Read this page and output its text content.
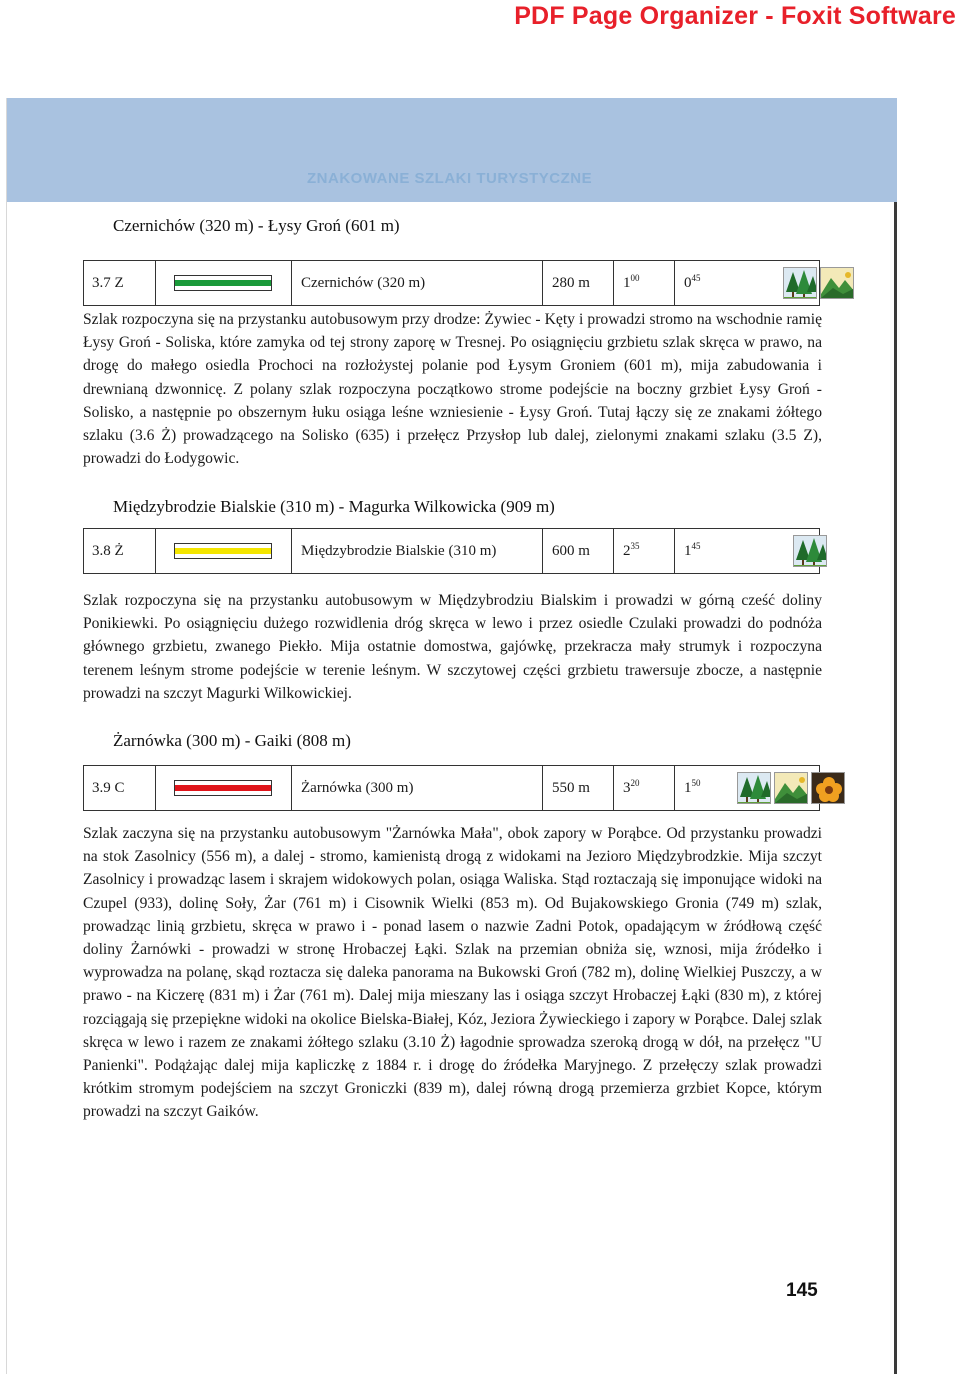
PDF Page Organizer - Foxit Software
ZNAKOWANE SZLAKI TURYSTYCZNE
Czernichów (320 m) - Łysy Groń (601 m)
3.7 Z	Czernichów (320 m)	280 m	$1^{00}$	$0^{45}$

Szlak rozpoczyna się na przystanku autobusowym przy drodze: Żywiec - Kęty i prowadzi stromo na wschodnie ramię Łysy Groń - Soliska, które zamyka od tej strony zaporę w Tresnej. Po osiągnięciu grzbietu szlak skręca w prawo, na drogę do małego osiedla Prochoci na rozłożystej polanie pod Łysym Groniem (601 m), mija zabudowania i drewnianą dzwonnicę. Z polany szlak rozpoczyna początkowo strome podejście na boczny grzbiet Łysy Groń - Solisko, a następnie po obszernym łuku osiąga leśne wzniesienie - Łysy Groń. Tutaj łączy się ze znakami żółtego szlaku (3.6 Ż) prowadzącego na Solisko (635) i przełęcz Przysłop lub dalej, zielonymi znakami szlaku (3.5 Z), prowadzi do Łodygowic.

Międzybrodzie Bialskie (310 m) - Magurka Wilkowicka (909 m)
3.8 Ż	Międzybrodzie Bialskie (310 m)	600 m	$2^{35}$	$1^{45}$

Szlak rozpoczyna się na przystanku autobusowym w Międzybrodziu Bialskim i prowadzi w górną cześć doliny Ponikiewki. Po osiągnięciu dużego rozwidlenia dróg skręca w lewo i przez osiedle Czulaki prowadzi do podnóża głównego grzbietu, zwanego Piekło. Mija ostatnie domostwa, gajówkę, przekracza mały strumyk i rozpoczyna terenem leśnym strome podejście w terenie leśnym. W szczytowej części grzbietu trawersuje zbocze, a następnie prowadzi na szczyt Magurki Wilkowickiej.

Żarnówka (300 m) - Gaiki (808 m)
3.9 C	Żarnówka (300 m)	550 m	$3^{20}$	$1^{50}$

Szlak zaczyna się na przystanku autobusowym "Żarnówka Mała", obok zapory w Porąbce. Od przystanku prowadzi na stok Zasolnicy (556 m), a dalej - stromo, kamienistą drogą z widokami na Jezioro Międzybrodzkie. Mija szczyt Zasolnicy i prowadząc lasem i skrajem widokowych polan, osiąga Waliska. Stąd roztaczają się imponujące widoki na Czupel (933), dolinę Soły, Żar (761 m) i Cisownik Wielki (853 m). Od Bujakowskiego Gronia (749 m) szlak, prowadząc linią grzbietu, skręca w prawo i - ponad lasem o nazwie Zadni Potok, opadającym w źródłową część doliny Żarnówki - prowadzi w stronę Hrobaczej Łąki. Szlak na przemian obniża się, wznosi, mija źródełko i wyprowadza na polanę, skąd roztacza się daleka panorama na Bukowski Groń (782 m), dolinę Wielkiej Puszczy, a w prawo - na Kiczerę (831 m) i Żar (761 m). Dalej mija mieszany las i osiąga szczyt Hrobaczej Łąki (830 m), z której rozciągają się przepiękne widoki na okolice Bielska-Białej, Kóz, Jeziora Żywieckiego i zapory w Porąbce. Dalej szlak skręca w lewo i razem ze znakami żółtego szlaku (3.10 Ż) łagodnie sprowadza szeroką drogą w dół, na przełęcz "U Panienki". Podążając dalej mija kapliczkę z 1884 r. i drogę do źródełka Maryjnego. Z przełęczy szlak prowadzi krótkim stromym podejściem na szczyt Groniczki (839 m), dalej równą drogą przemierza grzbiet Kopce, którym prowadzi na szczyt Gaików.

145
